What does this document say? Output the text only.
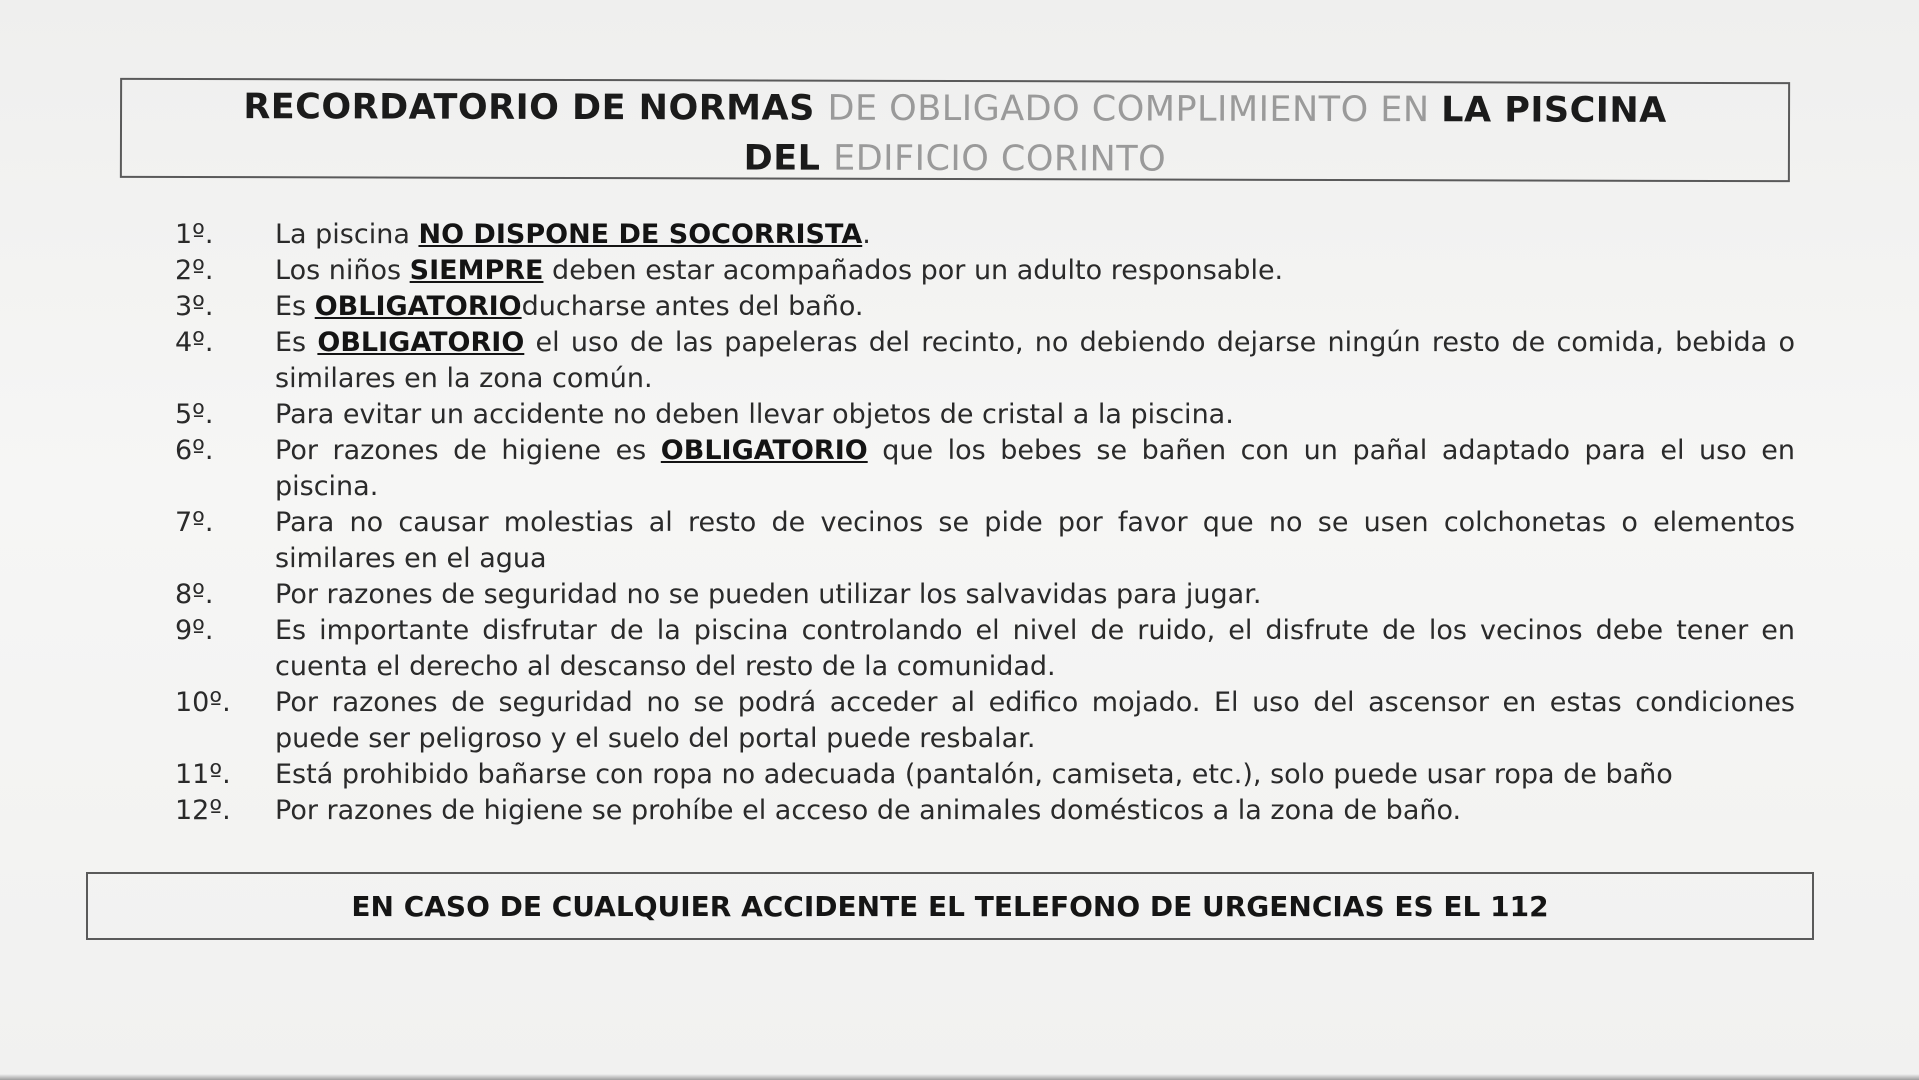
RECORDATORIO DE NORMAS DE OBLIGADO COMPLIMIENTO EN LA PISCINA
DEL EDIFICIO CORINTO
1º.	La piscina NO DISPONE DE SOCORRISTA.
2º.	Los niños SIEMPRE deben estar acompañados por un adulto responsable.
3º.	Es OBLIGATORIOducharse antes del baño.
4º.	Es OBLIGATORIO el uso de las papeleras del recinto, no debiendo dejarse ningún resto de comida, bebida o similares en la zona común.
5º.	Para evitar un accidente no deben llevar objetos de cristal a la piscina.
6º.	Por razones de higiene es OBLIGATORIO que los bebes se bañen con un pañal adaptado para el uso en piscina.
7º.	Para no causar molestias al resto de vecinos se pide por favor que no se usen colchonetas o elementos similares en el agua
8º.	Por razones de seguridad no se pueden utilizar los salvavidas para jugar.
9º.	Es importante disfrutar de la piscina controlando el nivel de ruido, el disfrute de los vecinos debe tener en cuenta el derecho al descanso del resto de la comunidad.
10º.	Por razones de seguridad no se podrá acceder al edifico mojado. El uso del ascensor en estas condiciones puede ser peligroso y el suelo del portal puede resbalar.
11º.	Está prohibido bañarse con ropa no adecuada (pantalón, camiseta, etc.), solo puede usar ropa de baño
12º.	Por razones de higiene se prohíbe el acceso de animales domésticos a la zona de baño.
EN CASO DE CUALQUIER ACCIDENTE EL TELEFONO DE URGENCIAS ES EL 112
